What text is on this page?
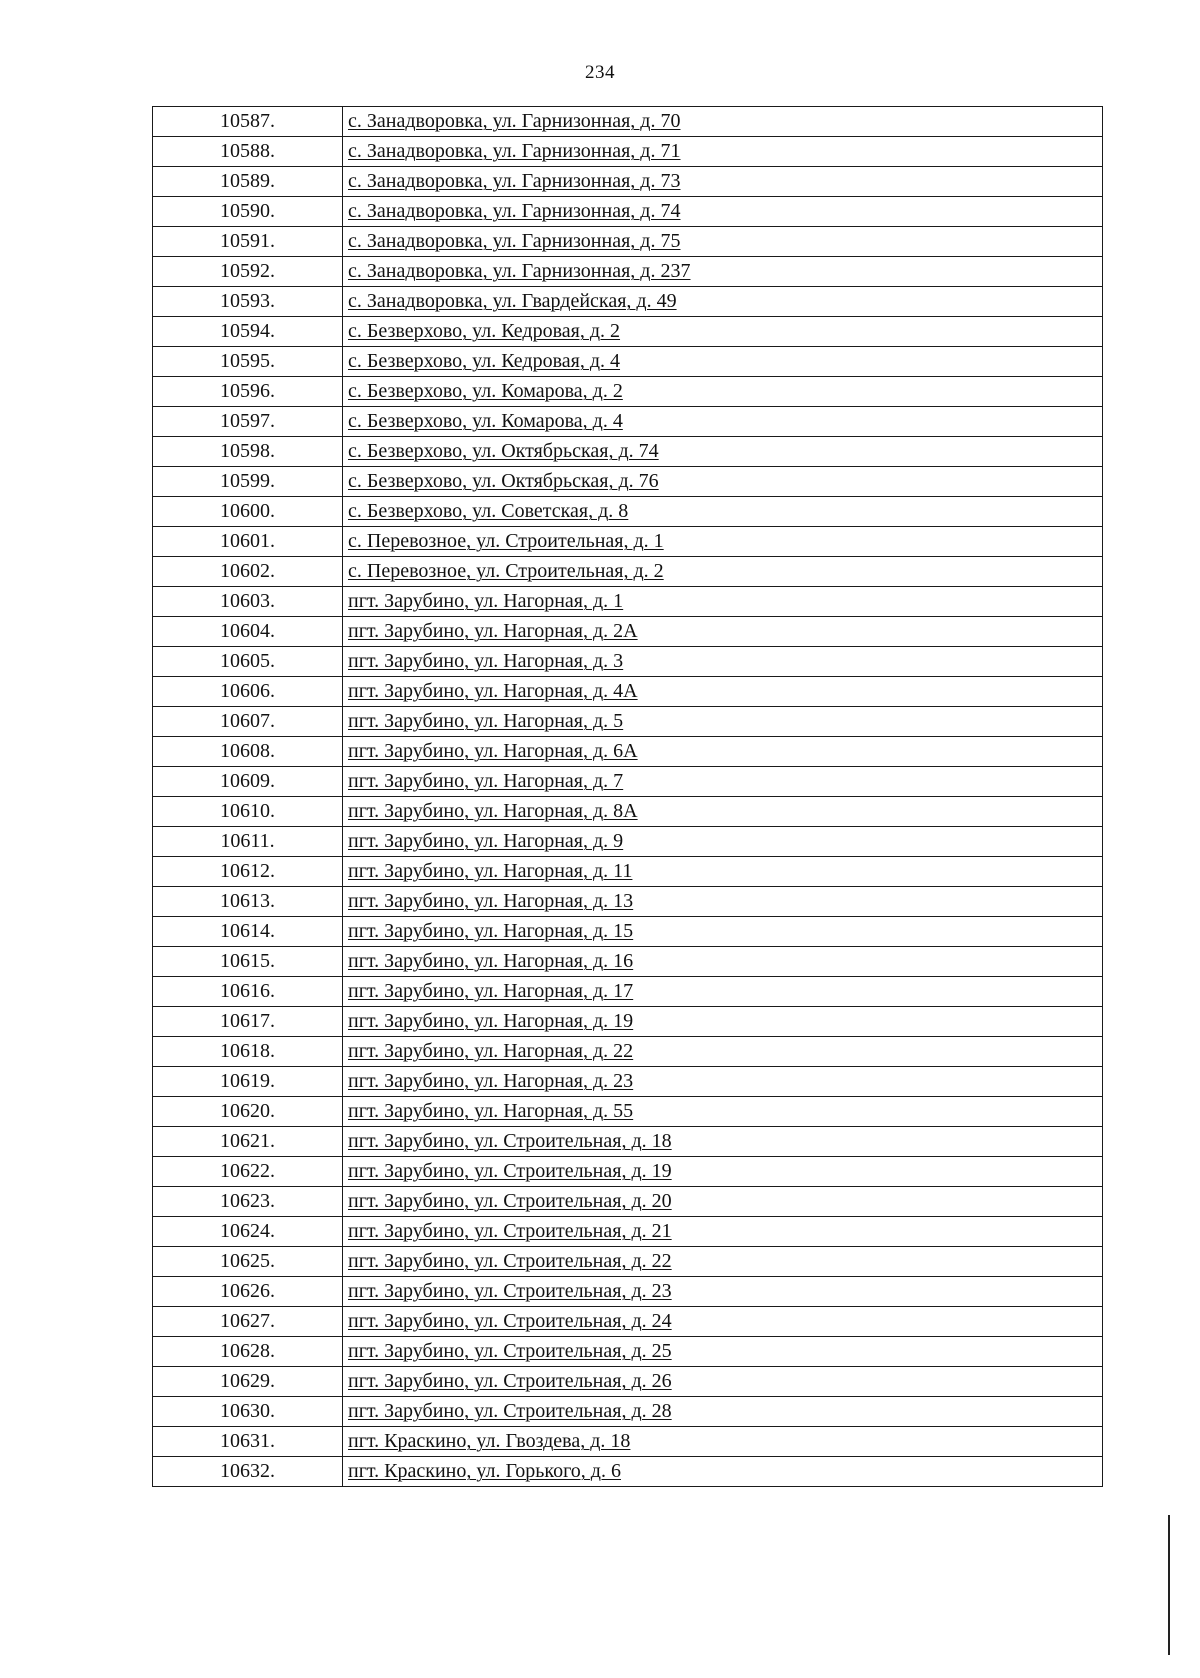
234
10587.	с. Занадворовка, ул. Гарнизонная, д. 70
10588.	с. Занадворовка, ул. Гарнизонная, д. 71
10589.	с. Занадворовка, ул. Гарнизонная, д. 73
10590.	с. Занадворовка, ул. Гарнизонная, д. 74
10591.	с. Занадворовка, ул. Гарнизонная, д. 75
10592.	с. Занадворовка, ул. Гарнизонная, д. 237
10593.	с. Занадворовка, ул. Гвардейская, д. 49
10594.	с. Безверхово, ул. Кедровая, д. 2
10595.	с. Безверхово, ул. Кедровая, д. 4
10596.	с. Безверхово, ул. Комарова, д. 2
10597.	с. Безверхово, ул. Комарова, д. 4
10598.	с. Безверхово, ул. Октябрьская, д. 74
10599.	с. Безверхово, ул. Октябрьская, д. 76
10600.	с. Безверхово, ул. Советская, д. 8
10601.	с. Перевозное, ул. Строительная, д. 1
10602.	с. Перевозное, ул. Строительная, д. 2
10603.	пгт. Зарубино, ул. Нагорная, д. 1
10604.	пгт. Зарубино, ул. Нагорная, д. 2А
10605.	пгт. Зарубино, ул. Нагорная, д. 3
10606.	пгт. Зарубино, ул. Нагорная, д. 4А
10607.	пгт. Зарубино, ул. Нагорная, д. 5
10608.	пгт. Зарубино, ул. Нагорная, д. 6А
10609.	пгт. Зарубино, ул. Нагорная, д. 7
10610.	пгт. Зарубино, ул. Нагорная, д. 8А
10611.	пгт. Зарубино, ул. Нагорная, д. 9
10612.	пгт. Зарубино, ул. Нагорная, д. 11
10613.	пгт. Зарубино, ул. Нагорная, д. 13
10614.	пгт. Зарубино, ул. Нагорная, д. 15
10615.	пгт. Зарубино, ул. Нагорная, д. 16
10616.	пгт. Зарубино, ул. Нагорная, д. 17
10617.	пгт. Зарубино, ул. Нагорная, д. 19
10618.	пгт. Зарубино, ул. Нагорная, д. 22
10619.	пгт. Зарубино, ул. Нагорная, д. 23
10620.	пгт. Зарубино, ул. Нагорная, д. 55
10621.	пгт. Зарубино, ул. Строительная, д. 18
10622.	пгт. Зарубино, ул. Строительная, д. 19
10623.	пгт. Зарубино, ул. Строительная, д. 20
10624.	пгт. Зарубино, ул. Строительная, д. 21
10625.	пгт. Зарубино, ул. Строительная, д. 22
10626.	пгт. Зарубино, ул. Строительная, д. 23
10627.	пгт. Зарубино, ул. Строительная, д. 24
10628.	пгт. Зарубино, ул. Строительная, д. 25
10629.	пгт. Зарубино, ул. Строительная, д. 26
10630.	пгт. Зарубино, ул. Строительная, д. 28
10631.	пгт. Краскино, ул. Гвоздева, д. 18
10632.	пгт. Краскино, ул. Горького, д. 6
